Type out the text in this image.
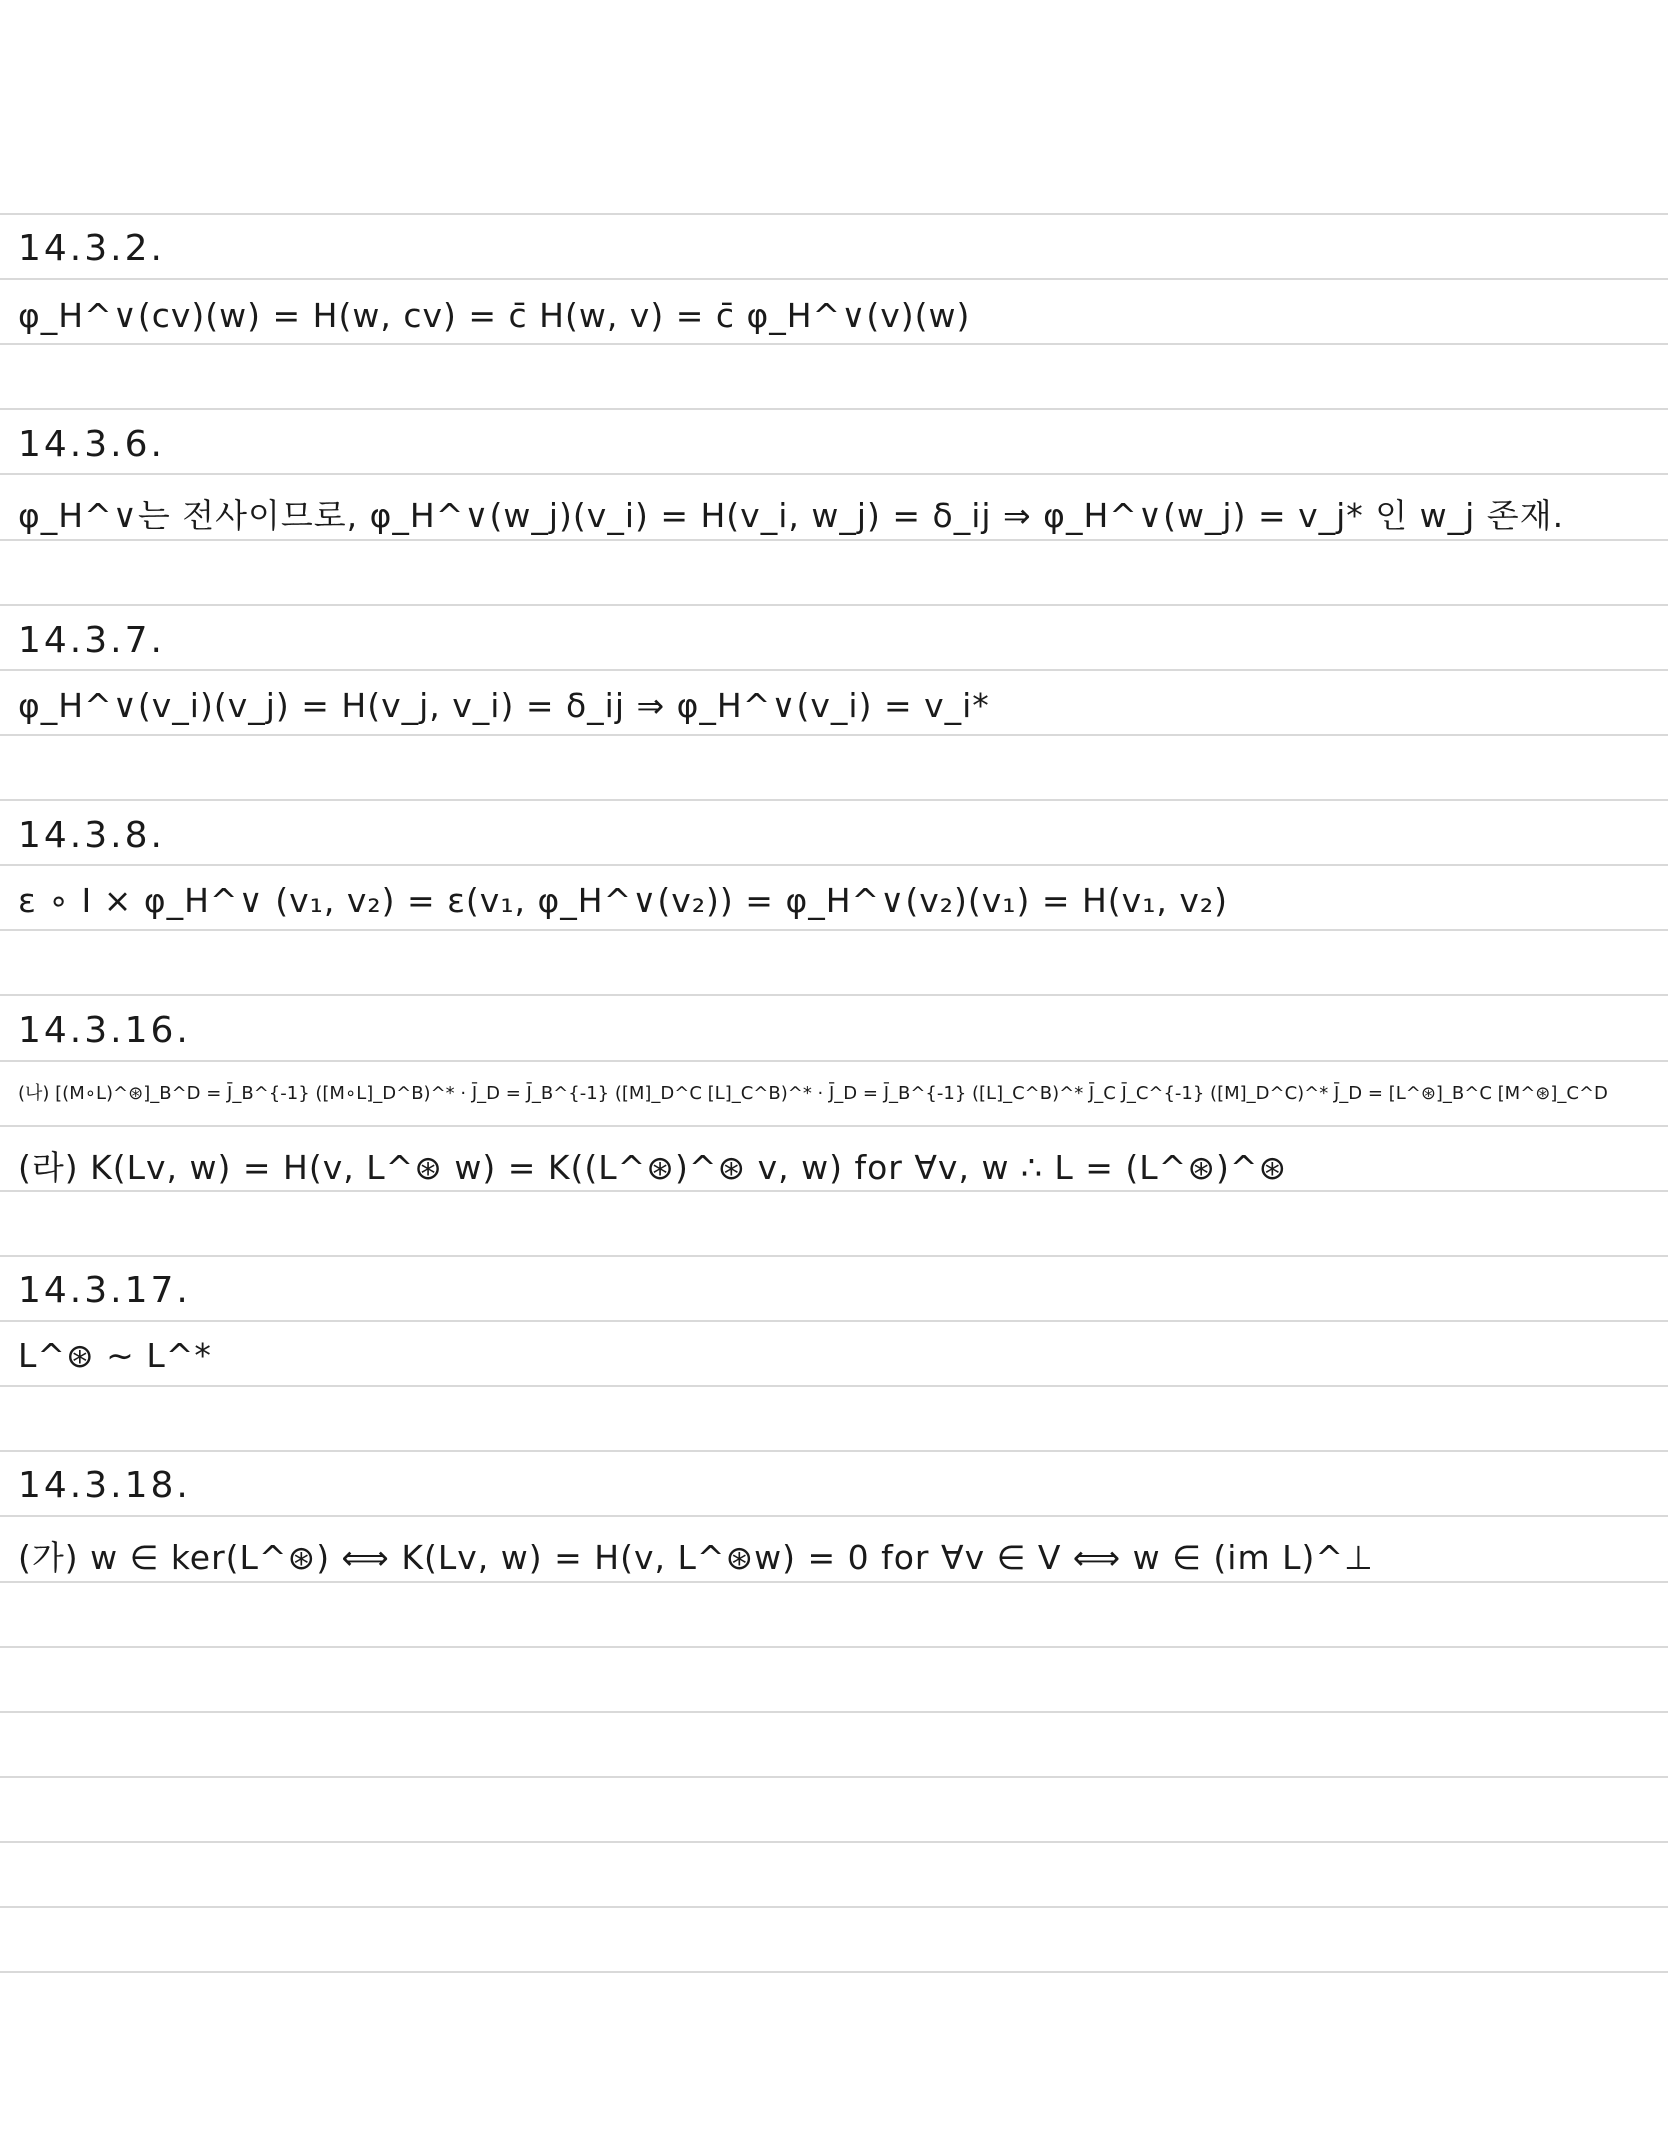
14.3.2.
φ_H^∨(cv)(w) = H(w, cv) = c̄ H(w, v) = c̄ φ_H^∨(v)(w)
14.3.6.
φ_H^∨는 전사이므로, φ_H^∨(w_j)(v_i) = H(v_i, w_j) = δ_ij ⇒ φ_H^∨(w_j) = v_j* 인 w_j 존재.
14.3.7.
φ_H^∨(v_i)(v_j) = H(v_j, v_i) = δ_ij ⇒ φ_H^∨(v_i) = v_i*
14.3.8.
ε ∘ I × φ_H^∨ (v₁, v₂) = ε(v₁, φ_H^∨(v₂)) = φ_H^∨(v₂)(v₁) = H(v₁, v₂)
14.3.16.
(나) [(M∘L)^⊛]_B^D = J̄_B^{-1} ([M∘L]_D^B)^* · J̄_D = J̄_B^{-1} ([M]_D^C [L]_C^B)^* · J̄_D = J̄_B^{-1} ([L]_C^B)^* J̄_C J̄_C^{-1} ([M]_D^C)^* J̄_D = [L^⊛]_B^C [M^⊛]_C^D
(라) K(Lv, w) = H(v, L^⊛ w) = K((L^⊛)^⊛ v, w) for ∀v, w ∴ L = (L^⊛)^⊛
14.3.17.
L^⊛ ∼ L^*
14.3.18.
(가) w ∈ ker(L^⊛) ⟺ K(Lv, w) = H(v, L^⊛w) = 0 for ∀v ∈ V ⟺ w ∈ (im L)^⊥
